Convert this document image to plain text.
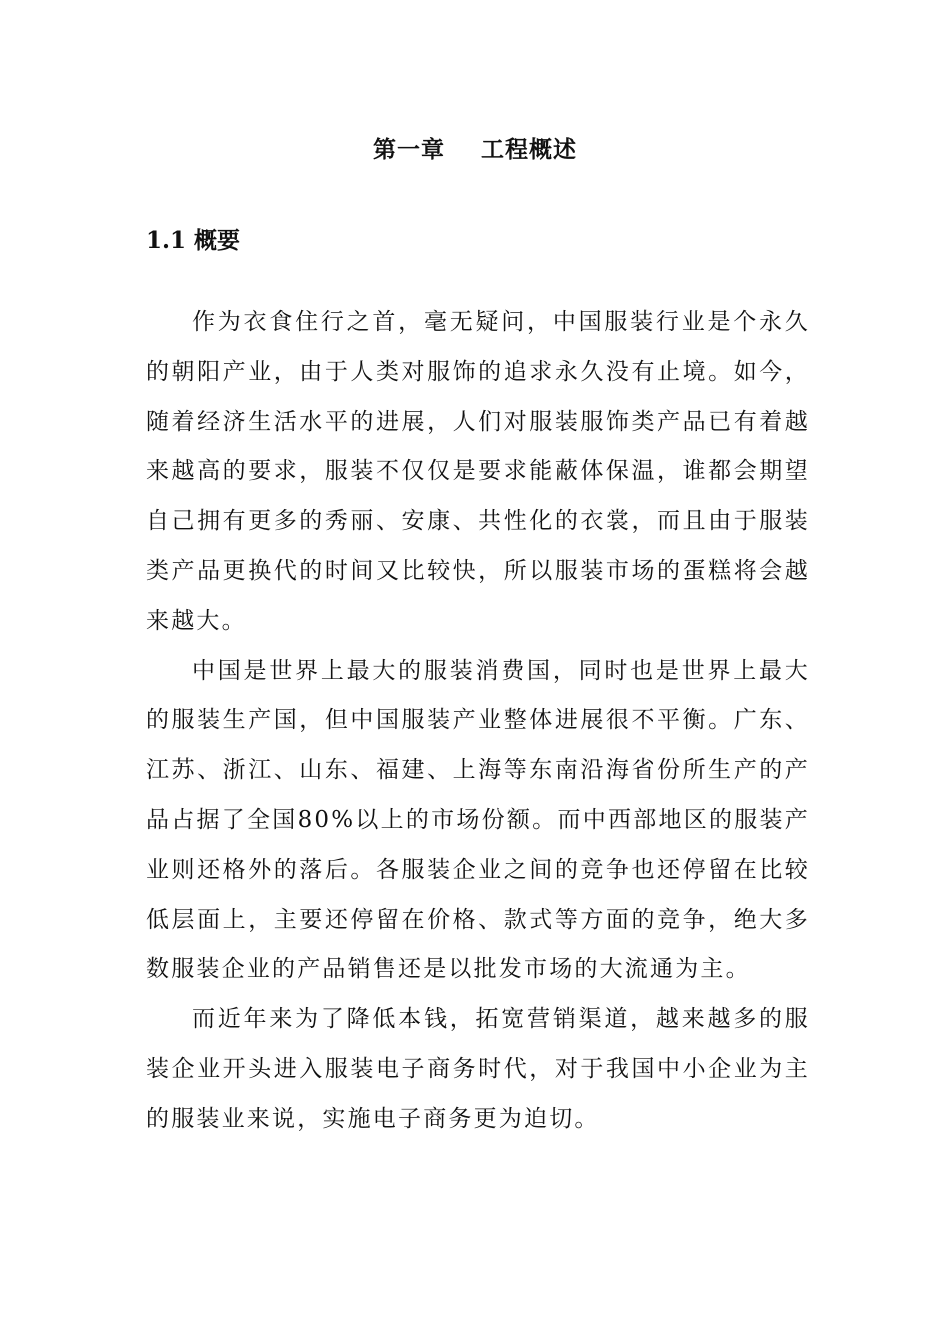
第一章    工程概述
1.1 概要

作为衣食住行之首，毫无疑问，中国服装行业是个永久的朝阳产业，由于人类对服饰的追求永久没有止境。如今，随着经济生活水平的进展，人们对服装服饰类产品已有着越来越高的要求，服装不仅仅是要求能蔽体保温，谁都会期望自己拥有更多的秀丽、安康、共性化的衣裳，而且由于服装类产品更换代的时间又比较快，所以服装市场的蛋糕将会越来越大。

中国是世界上最大的服装消费国，同时也是世界上最大的服装生产国，但中国服装产业整体进展很不平衡。广东、江苏、浙江、山东、福建、上海等东南沿海省份所生产的产品占据了全国80%以上的市场份额。而中西部地区的服装产业则还格外的落后。各服装企业之间的竞争也还停留在比较低层面上，主要还停留在价格、款式等方面的竞争，绝大多数服装企业的产品销售还是以批发市场的大流通为主。

而近年来为了降低本钱，拓宽营销渠道，越来越多的服装企业开头进入服装电子商务时代，对于我国中小企业为主的服装业来说，实施电子商务更为迫切。
